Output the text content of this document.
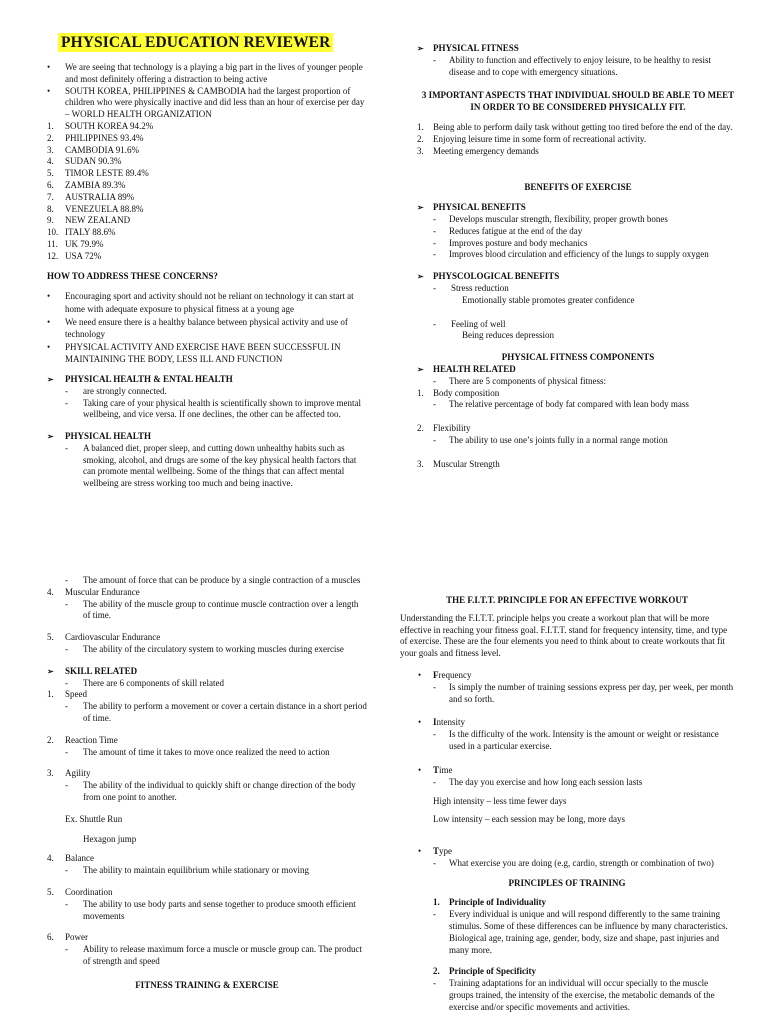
PHYSICAL EDUCATION REVIEWER
• We are seeing that technology is a playing a big part in the lives of younger people and most definitely offering a distraction to being active
• SOUTH KOREA, PHILIPPINES & CAMBODIA had the largest proportion of children who were physically inactive and did less than an hour of exercise per day – WORLD HEALTH ORGANIZATION
1. SOUTH KOREA 94.2%
2. PHILIPPINES 93.4%
3. CAMBODIA 91.6%
4. SUDAN 90.3%
5. TIMOR LESTE 89.4%
6. ZAMBIA 89.3%
7. AUSTRALIA 89%
8. VENEZUELA 88.8%
9. NEW ZEALAND
10. ITALY 88.6%
11. UK 79.9%
12. USA 72%
HOW TO ADDRESS THESE CONCERNS?
• Encouraging sport and activity should not be reliant on technology it can start at home with adequate exposure to physical fitness at a young age
• We need ensure there is a healthy balance between physical activity and use of technology
• PHYSICAL ACTIVITY AND EXERCISE HAVE BEEN SUCCESSFUL IN MAINTAINING THE BODY, LESS ILL AND FUNCTION
➢ PHYSICAL HEALTH & ENTAL HEALTH
- are strongly connected.
- Taking care of your physical health is scientifically shown to improve mental wellbeing, and vice versa. If one declines, the other can be affected too.
➢ PHYSICAL HEALTH
- A balanced diet, proper sleep, and cutting down unhealthy habits such as smoking, alcohol, and drugs are some of the key physical health factors that can promote mental wellbeing. Some of the things that can affect mental wellbeing are stress working too much and being inactive.
➢ PHYSICAL FITNESS
- Ability to function and effectively to enjoy leisure, to be healthy to resist disease and to cope with emergency situations.
3 IMPORTANT ASPECTS THAT INDIVIDUAL SHOULD BE ABLE TO MEET IN ORDER TO BE CONSIDERED PHYSICALLY FIT.
1. Being able to perform daily task without getting too tired before the end of the day.
2. Enjoying leisure time in some form of recreational activity.
3. Meeting emergency demands
BENEFITS OF EXERCISE
➢ PHYSICAL BENEFITS
- Develops muscular strength, flexibility, proper growth bones
- Reduces fatigue at the end of the day
- Improves posture and body mechanics
- Improves blood circulation and efficiency of the lungs to supply oxygen
➢ PHYSCOLOGICAL BENEFITS
- Stress reduction
Emotionally stable promotes greater confidence
- Feeling of well
Being reduces depression
PHYSICAL FITNESS COMPONENTS
➢ HEALTH RELATED
- There are 5 components of physical fitness:
1. Body composition
- The relative percentage of body fat compared with lean body mass
2. Flexibility
- The ability to use one’s joints fully in a normal range motion
3. Muscular Strength
- The amount of force that can be produce by a single contraction of a muscles
4. Muscular Endurance
- The ability of the muscle group to continue muscle contraction over a length of time.
5. Cardiovascular Endurance
- The ability of the circulatory system to working muscles during exercise
➢ SKILL RELATED
- There are 6 components of skill related
1. Speed
- The ability to perform a movement or cover a certain distance in a short period of time.
2. Reaction Time
- The amount of time it takes to move once realized the need to action
3. Agility
- The ability of the individual to quickly shift or change direction of the body from one point to another.
Ex. Shuttle Run
Hexagon jump
4. Balance
- The ability to maintain equilibrium while stationary or moving
5. Coordination
- The ability to use body parts and sense together to produce smooth efficient movements
6. Power
- Ability to release maximum force a muscle or muscle group can. The product of strength and speed
FITNESS TRAINING & EXERCISE
THE F.I.T.T. PRINCIPLE FOR AN EFFECTIVE WORKOUT
Understanding the F.I.T.T. principle helps you create a workout plan that will be more effective in reaching your fitness goal. F.I.T.T. stand for frequency intensity, time, and type of exercise. These are the four elements you need to think about to create workouts that fit your goals and fitness level.
• Frequency
- Is simply the number of training sessions express per day, per week, per month and so forth.
• Intensity
- Is the difficulty of the work. Intensity is the amount or weight or resistance used in a particular exercise.
• Time
- The day you exercise and how long each session lasts
High intensity – less time fewer days
Low intensity – each session may be long, more days
• Type
- What exercise you are doing (e.g, cardio, strength or combination of two)
PRINCIPLES OF TRAINING
1. Principle of Individuality
- Every individual is unique and will respond differently to the same training stimulus. Some of these differences can be influence by many characteristics. Biological age, training age, gender, body, size and shape, past injuries and many more.
2. Principle of Specificity
- Training adaptations for an individual will occur specially to the muscle groups trained, the intensity of the exercise, the metabolic demands of the exercise and/or specific movements and activities.
